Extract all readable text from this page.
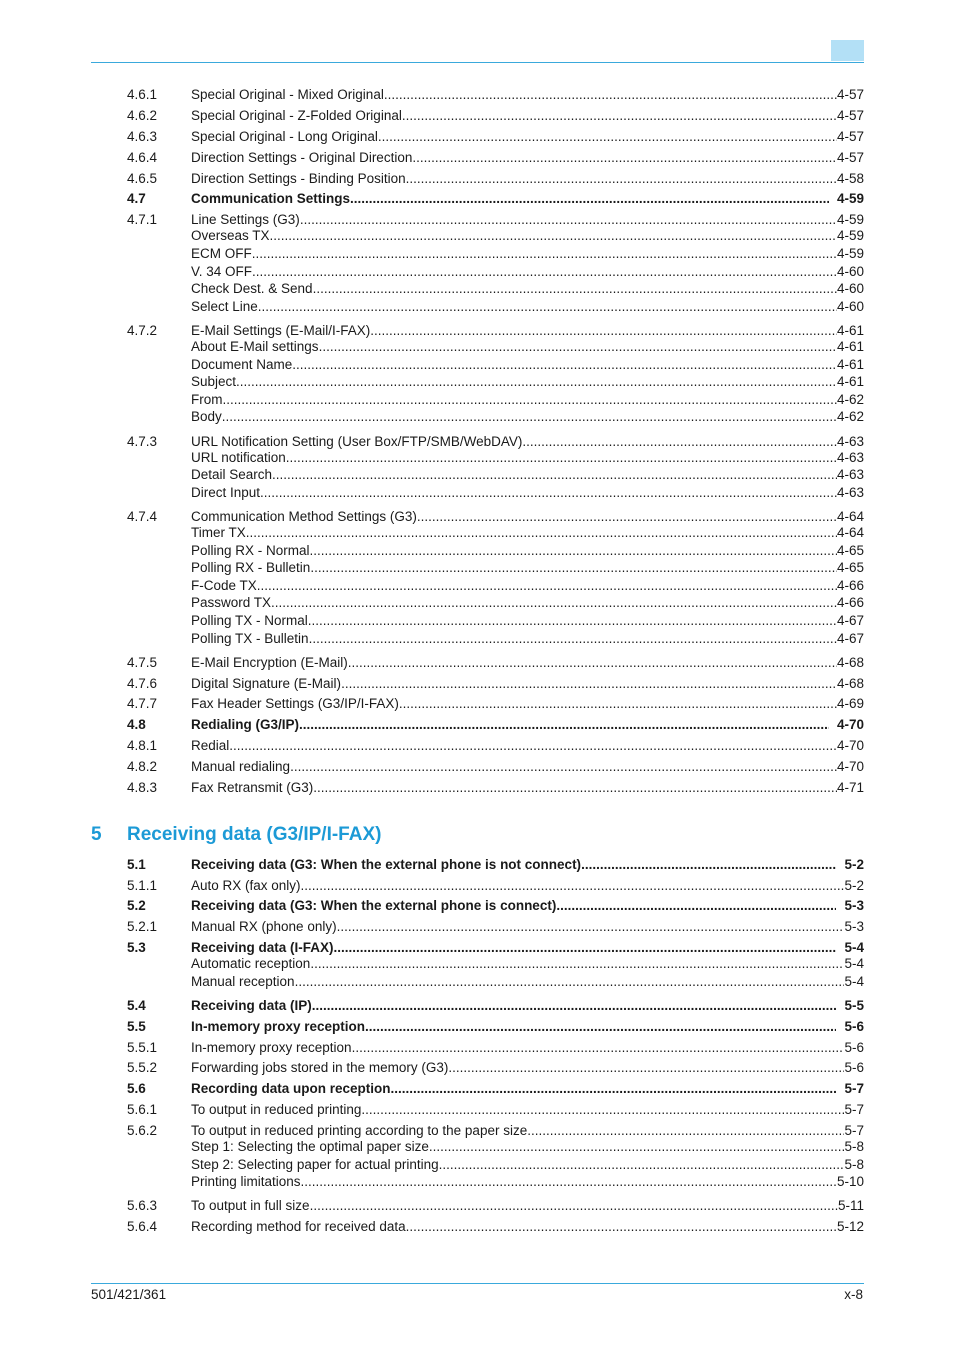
4.6.1	Special Original - Mixed Original .....	4-57
4.6.2	Special Original - Z-Folded Original .....	4-57
4.6.3	Special Original - Long Original .....	4-57
4.6.4	Direction Settings - Original Direction .....	4-57
4.6.5	Direction Settings - Binding Position .....	4-58
4.7	Communication Settings .....	4-59
4.7.1	Line Settings (G3) .....	4-59
Overseas TX .....	4-59
ECM OFF .....	4-59
V. 34 OFF .....	4-60
Check Dest. & Send .....	4-60
Select Line .....	4-60
4.7.2	E-Mail Settings (E-Mail/I-FAX) .....	4-61
About E-Mail settings .....	4-61
Document Name .....	4-61
Subject .....	4-61
From .....	4-62
Body .....	4-62
4.7.3	URL Notification Setting (User Box/FTP/SMB/WebDAV) .....	4-63
URL notification .....	4-63
Detail Search .....	4-63
Direct Input .....	4-63
4.7.4	Communication Method Settings (G3) .....	4-64
Timer TX .....	4-64
Polling RX - Normal .....	4-65
Polling RX - Bulletin .....	4-65
F-Code TX .....	4-66
Password TX .....	4-66
Polling TX - Normal .....	4-67
Polling TX - Bulletin .....	4-67
4.7.5	E-Mail Encryption (E-Mail) .....	4-68
4.7.6	Digital Signature (E-Mail) .....	4-68
4.7.7	Fax Header Settings (G3/IP/I-FAX) .....	4-69
4.8	Redialing (G3/IP) .....	4-70
4.8.1	Redial .....	4-70
4.8.2	Manual redialing .....	4-70
4.8.3	Fax Retransmit (G3) .....	4-71
5 Receiving data (G3/IP/I-FAX)
5.1	Receiving data (G3: When the external phone is not connect) .....	5-2
5.1.1	Auto RX (fax only) .....	5-2
5.2	Receiving data (G3: When the external phone is connect) .....	5-3
5.2.1	Manual RX (phone only) .....	5-3
5.3	Receiving data (I-FAX) .....	5-4
Automatic reception .....	5-4
Manual reception .....	5-4
5.4	Receiving data (IP) .....	5-5
5.5	In-memory proxy reception .....	5-6
5.5.1	In-memory proxy reception .....	5-6
5.5.2	Forwarding jobs stored in the memory (G3) .....	5-6
5.6	Recording data upon reception .....	5-7
5.6.1	To output in reduced printing .....	5-7
5.6.2	To output in reduced printing according to the paper size .....	5-7
Step 1: Selecting the optimal paper size .....	5-8
Step 2: Selecting paper for actual printing .....	5-8
Printing limitations .....	5-10
5.6.3	To output in full size .....	5-11
5.6.4	Recording method for received data .....	5-12
501/421/361	x-8
